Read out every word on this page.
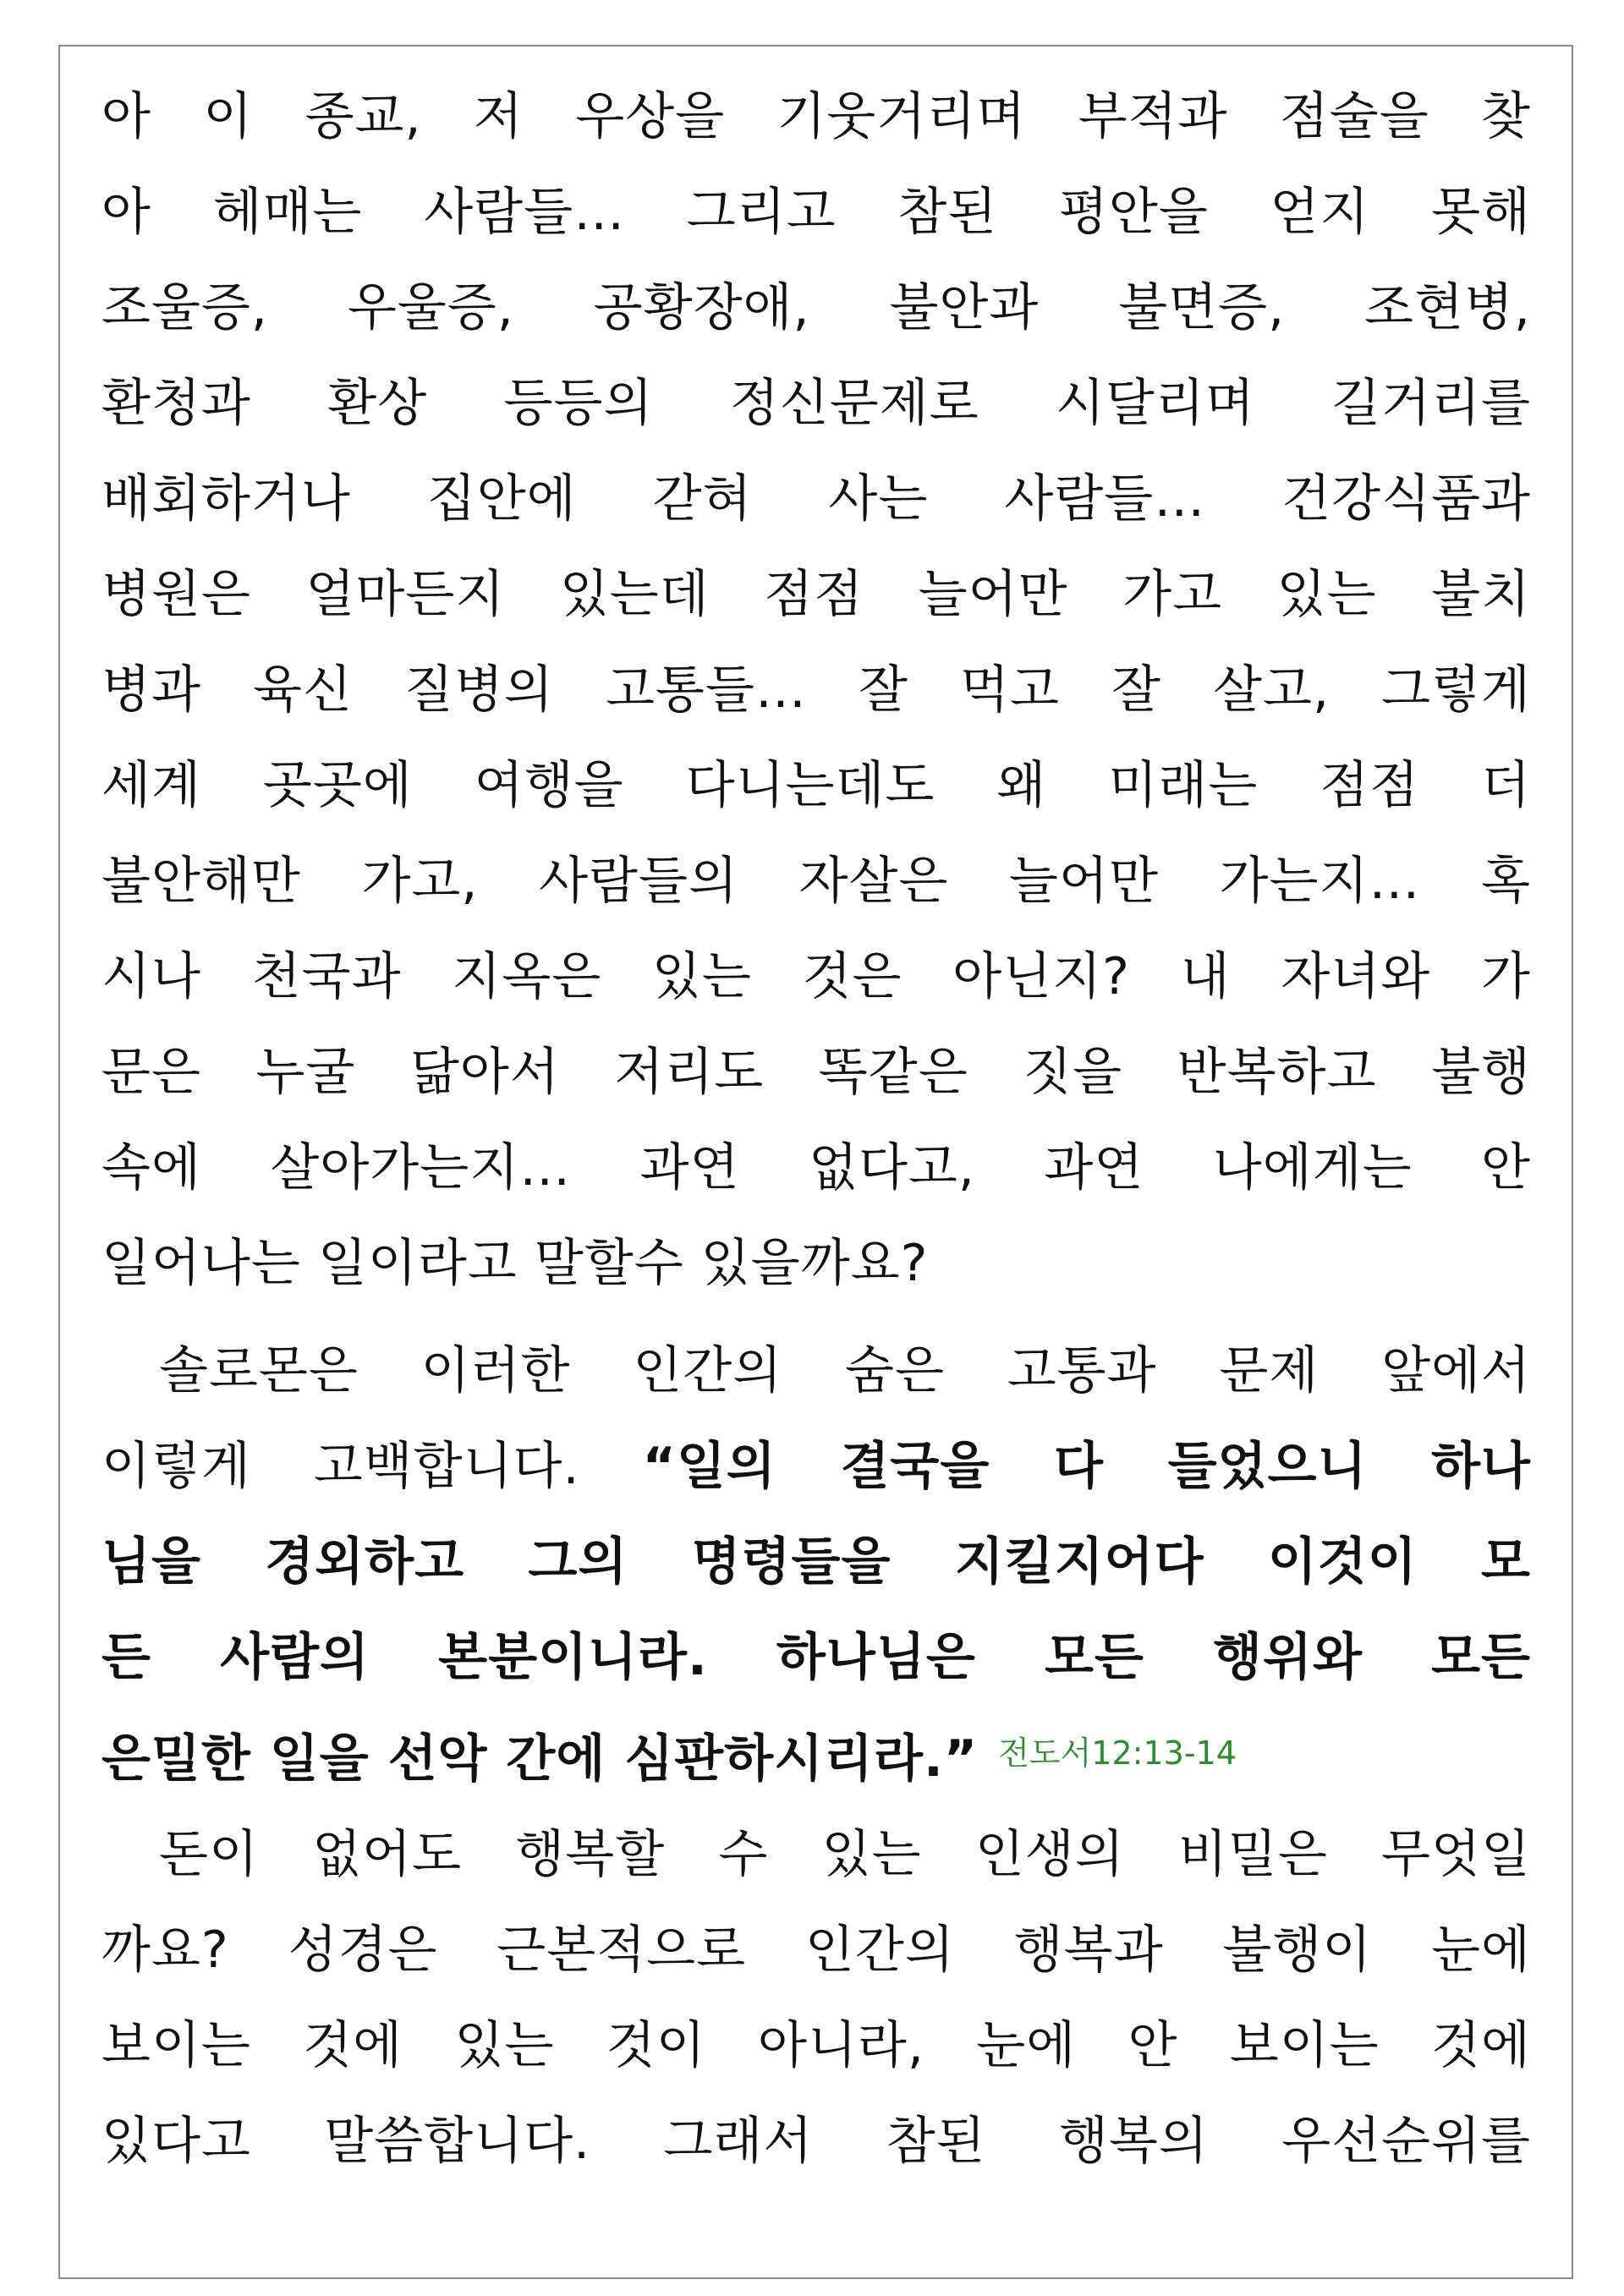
아 이 종교, 저 우상을 기웃거리며 부적과 점술을 찾
아 헤매는 사람들… 그리고 참된 평안을 얻지 못해
조울증, 우울증, 공황장애, 불안과 불면증, 조현병,
환청과 환상 등등의 정신문제로 시달리며 길거리를
배회하거나 집안에 갇혀 사는 사람들… 건강식품과
병원은 얼마든지 있는데 점점 늘어만 가고 있는 불치
병과 육신 질병의 고통들… 잘 먹고 잘 살고, 그렇게
세계 곳곳에 여행을 다니는데도 왜 미래는 점점 더
불안해만 가고, 사람들의 자살은 늘어만 가는지… 혹
시나 천국과 지옥은 있는 것은 아닌지? 내 자녀와 가
문은 누굴 닮아서 저리도 똑같은 짓을 반복하고 불행
속에 살아가는지… 과연 없다고, 과연 나에게는 안
일어나는 일이라고 말할수 있을까요?
솔로몬은 이러한 인간의 숨은 고통과 문제 앞에서
이렇게 고백합니다. “일의 결국을 다 들었으니 하나
님을 경외하고 그의 명령들을 지킬지어다 이것이 모
든 사람의 본분이니라. 하나님은 모든 행위와 모든
은밀한 일을 선악 간에 심판하시리라.” $^{전도서12:13-14}$
돈이 없어도 행복할 수 있는 인생의 비밀은 무엇일
까요? 성경은 근본적으로 인간의 행복과 불행이 눈에
보이는 것에 있는 것이 아니라, 눈에 안 보이는 것에
있다고 말씀합니다. 그래서 참된 행복의 우선순위를
